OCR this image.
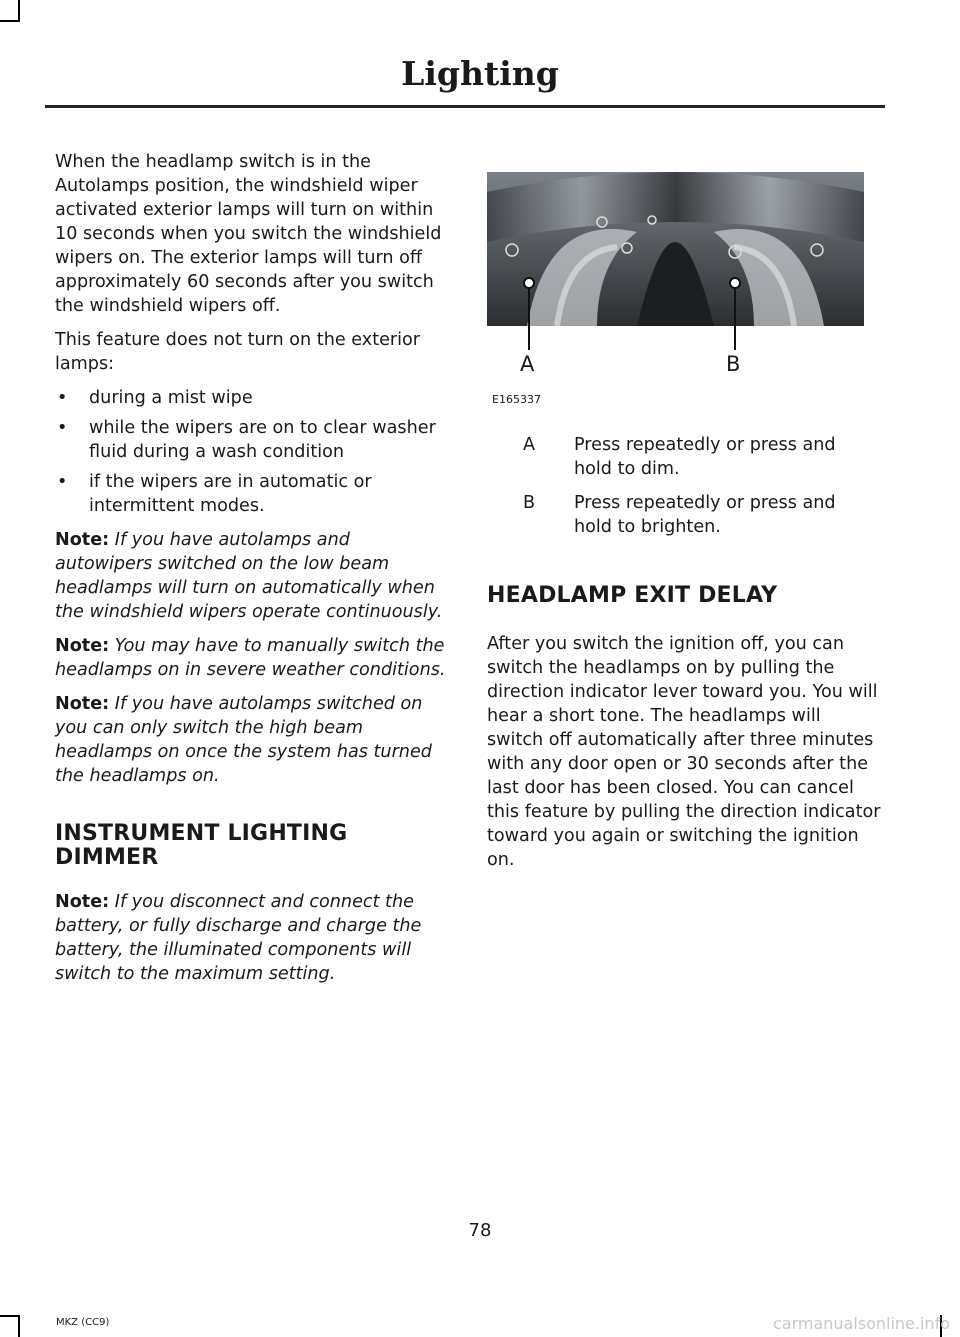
Lighting

When the headlamp switch is in the Autolamps position, the windshield wiper activated exterior lamps will turn on within 10 seconds when you switch the windshield wipers on. The exterior lamps will turn off approximately 60 seconds after you switch the windshield wipers off.

This feature does not turn on the exterior lamps:

• during a mist wipe
• while the wipers are on to clear washer fluid during a wash condition
• if the wipers are in automatic or intermittent modes.

Note: If you have autolamps and autowipers switched on the low beam headlamps will turn on automatically when the windshield wipers operate continuously.

Note: You may have to manually switch the headlamps on in severe weather conditions.

Note: If you have autolamps switched on you can only switch the high beam headlamps on once the system has turned the headlamps on.

INSTRUMENT LIGHTING DIMMER

Note: If you disconnect and connect the battery, or fully discharge and charge the battery, the illuminated components will switch to the maximum setting.

A	B
E165337
A Press repeatedly or press and hold to dim.
B Press repeatedly or press and hold to brighten.
HEADLAMP EXIT DELAY

After you switch the ignition off, you can switch the headlamps on by pulling the direction indicator lever toward you. You will hear a short tone. The headlamps will switch off automatically after three minutes with any door open or 30 seconds after the last door has been closed. You can cancel this feature by pulling the direction indicator toward you again or switching the ignition on.

78
MKZ (CC9)	carmanualsonline.info
